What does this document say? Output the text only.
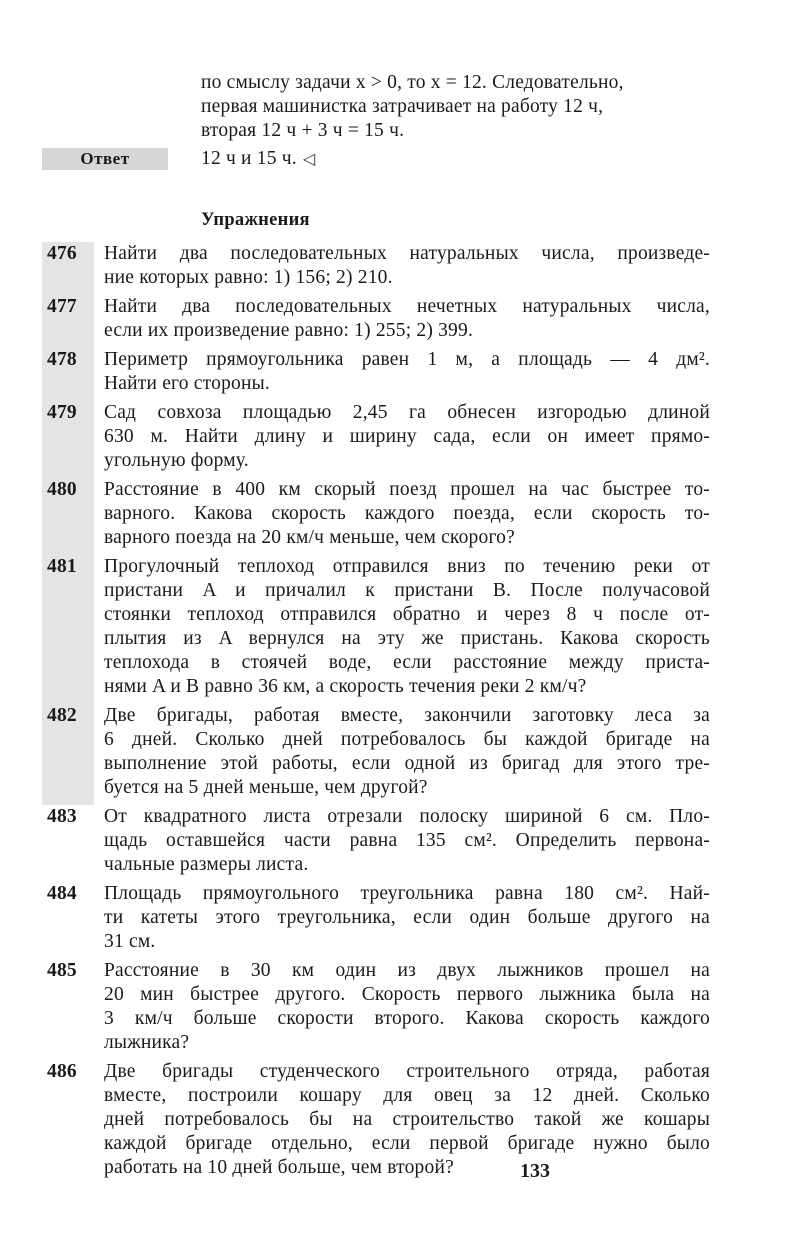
по смыслу задачи x > 0, то x = 12. Следовательно,
первая машинистка затрачивает на работу 12 ч,
вторая 12 ч + 3 ч = 15 ч.
Ответ	12 ч и 15 ч. ◁
Упражнения
476 Найти два последовательных натуральных числа, произведе-
ние которых равно: 1) 156; 2) 210.
477 Найти два последовательных нечетных натуральных числа,
если их произведение равно: 1) 255; 2) 399.
478 Периметр прямоугольника равен 1 м, а площадь — 4 дм².
Найти его стороны.
479 Сад совхоза площадью 2,45 га обнесен изгородью длиной
630 м. Найти длину и ширину сада, если он имеет прямо-
угольную форму.
480 Расстояние в 400 км скорый поезд прошел на час быстрее то-
варного. Какова скорость каждого поезда, если скорость то-
варного поезда на 20 км/ч меньше, чем скорого?
481 Прогулочный теплоход отправился вниз по течению реки от
пристани A и причалил к пристани B. После получасовой
стоянки теплоход отправился обратно и через 8 ч после от-
плытия из A вернулся на эту же пристань. Какова скорость
теплохода в стоячей воде, если расстояние между приста-
нями A и B равно 36 км, а скорость течения реки 2 км/ч?
482 Две бригады, работая вместе, закончили заготовку леса за
6 дней. Сколько дней потребовалось бы каждой бригаде на
выполнение этой работы, если одной из бригад для этого тре-
буется на 5 дней меньше, чем другой?
483 От квадратного листа отрезали полоску шириной 6 см. Пло-
щадь оставшейся части равна 135 см². Определить первона-
чальные размеры листа.
484 Площадь прямоугольного треугольника равна 180 см². Най-
ти катеты этого треугольника, если один больше другого на
31 см.
485 Расстояние в 30 км один из двух лыжников прошел на
20 мин быстрее другого. Скорость первого лыжника была на
3 км/ч больше скорости второго. Какова скорость каждого
лыжника?
486 Две бригады студенческого строительного отряда, работая
вместе, построили кошару для овец за 12 дней. Сколько
дней потребовалось бы на строительство такой же кошары
каждой бригаде отдельно, если первой бригаде нужно было
работать на 10 дней больше, чем второй?	133
